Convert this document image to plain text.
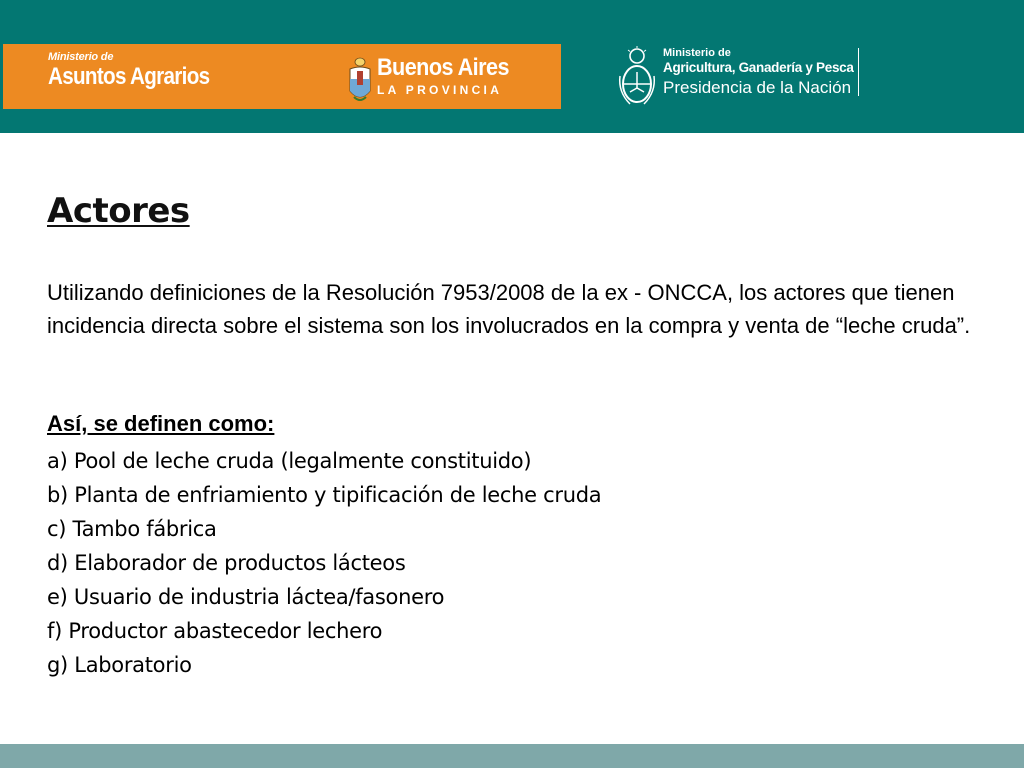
Ministerio de
Asuntos Agrarios	Buenos Aires
LA PROVINCIA
Ministerio de
Agricultura, Ganadería y Pesca
Presidencia de la Nación
Actores

Utilizando definiciones de la Resolución 7953/2008 de la ex - ONCCA, los actores que tienen incidencia directa sobre el sistema son los involucrados en la compra y venta de “leche cruda”.

Así, se definen como:

a) Pool de leche cruda (legalmente constituido)
b) Planta de enfriamiento y tipificación de leche cruda
c) Tambo fábrica
d) Elaborador de productos lácteos
e) Usuario de industria láctea/fasonero
f) Productor abastecedor lechero
g) Laboratorio
